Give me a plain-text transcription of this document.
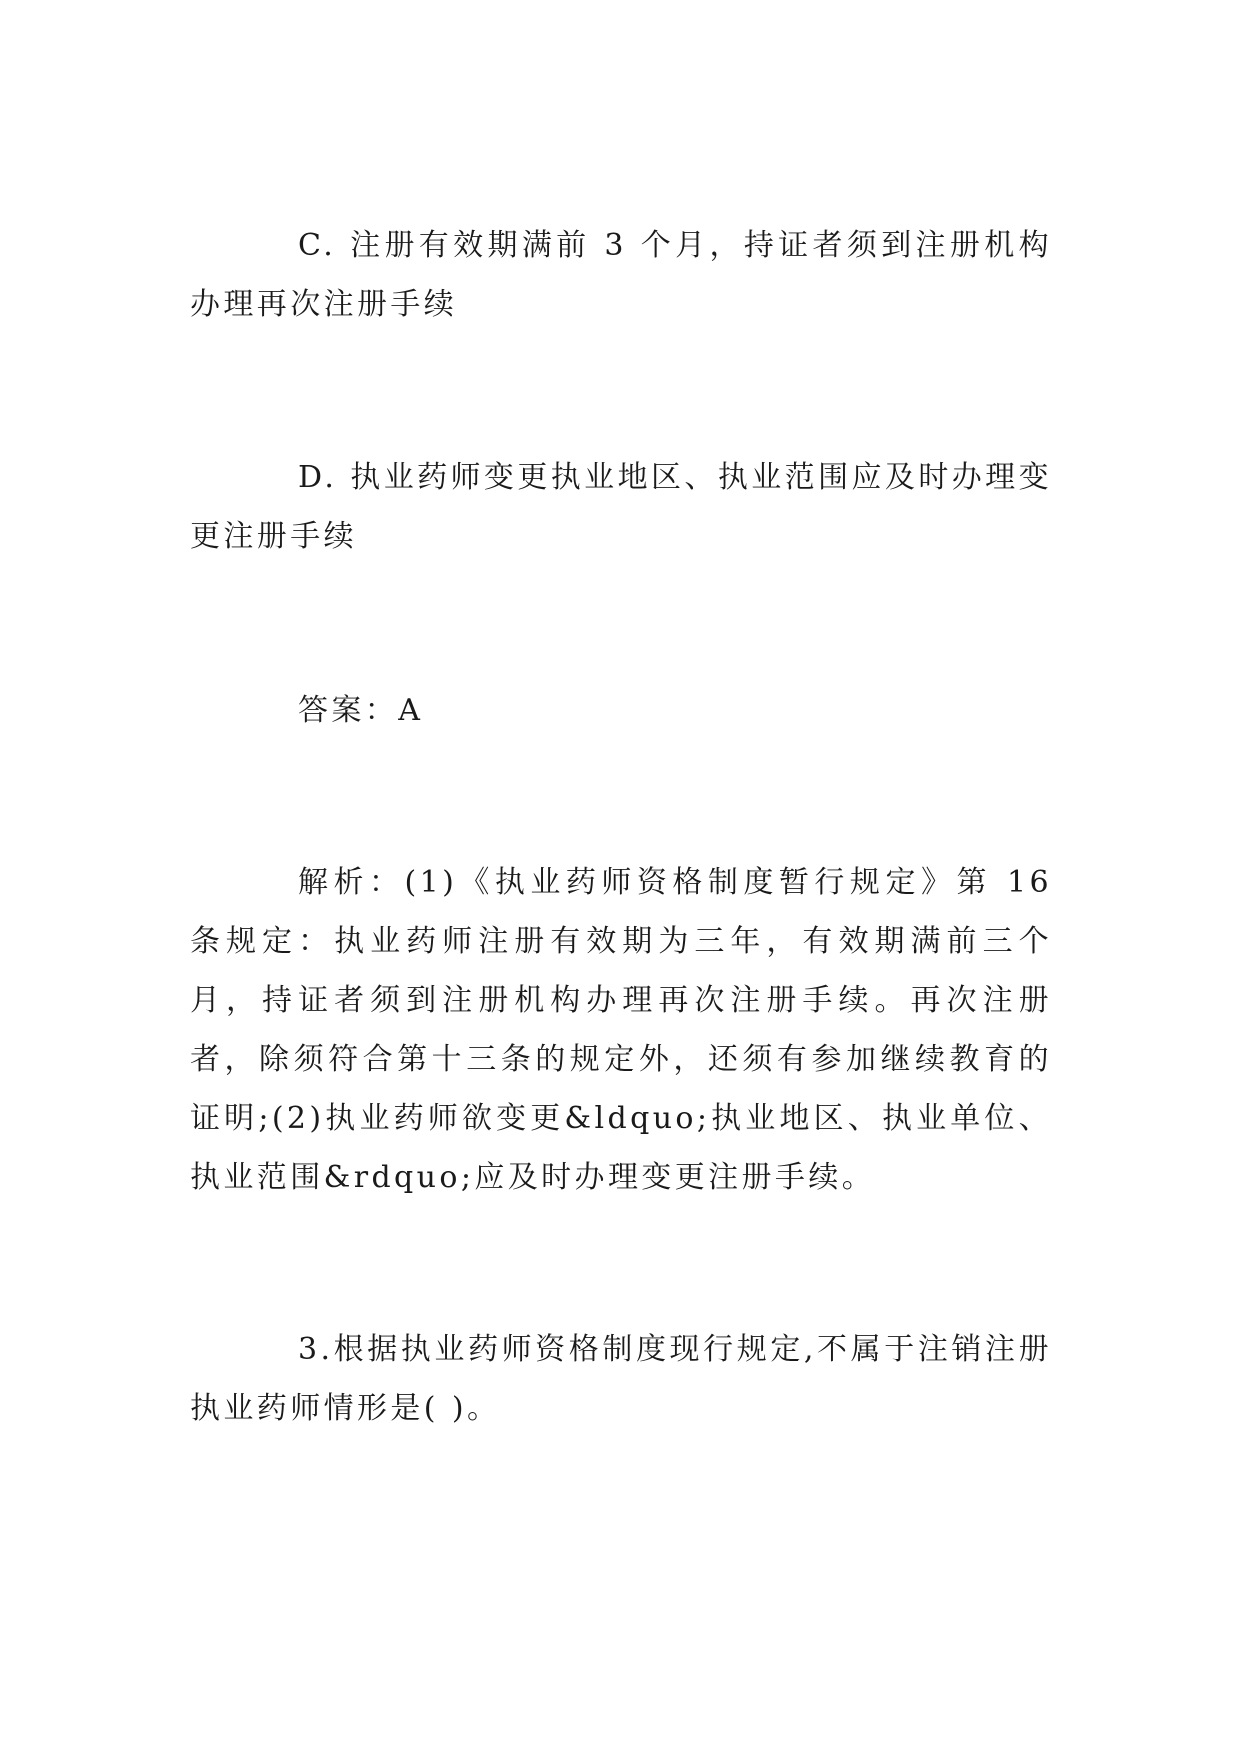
C. 注册有效期满前 3 个月，持证者须到注册机构办理再次注册手续

D. 执业药师变更执业地区、执业范围应及时办理变更注册手续

答案：A

解析：(1)《执业药师资格制度暂行规定》第 16 条规定：执业药师注册有效期为三年，有效期满前三个月，持证者须到注册机构办理再次注册手续。再次注册者，除须符合第十三条的规定外，还须有参加继续教育的证明;(2)执业药师欲变更&ldquo;执业地区、执业单位、执业范围&rdquo;应及时办理变更注册手续。

3.根据执业药师资格制度现行规定,不属于注销注册执业药师情形是( )。
